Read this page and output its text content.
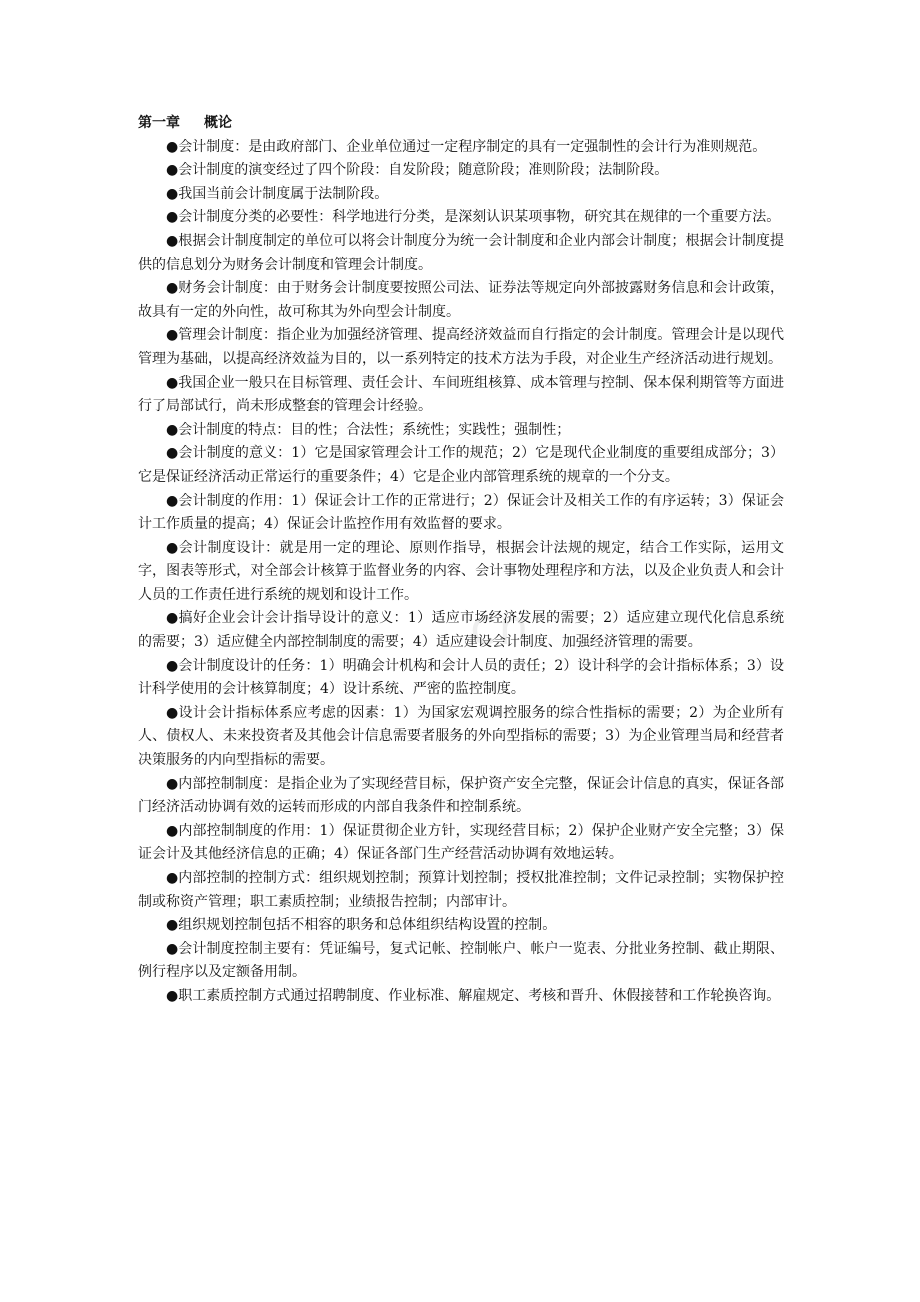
第一章 概论

●会计制度：是由政府部门、企业单位通过一定程序制定的具有一定强制性的会计行为准则规范。

●会计制度的演变经过了四个阶段：自发阶段；随意阶段；准则阶段；法制阶段。

●我国当前会计制度属于法制阶段。

●会计制度分类的必要性：科学地进行分类，是深刻认识某项事物，研究其在规律的一个重要方法。

●根据会计制度制定的单位可以将会计制度分为统一会计制度和企业内部会计制度；根据会计制度提供的信息划分为财务会计制度和管理会计制度。

●财务会计制度：由于财务会计制度要按照公司法、证券法等规定向外部披露财务信息和会计政策，故具有一定的外向性，故可称其为外向型会计制度。

●管理会计制度：指企业为加强经济管理、提高经济效益而自行指定的会计制度。管理会计是以现代管理为基础，以提高经济效益为目的，以一系列特定的技术方法为手段，对企业生产经济活动进行规划。

●我国企业一般只在目标管理、责任会计、车间班组核算、成本管理与控制、保本保利期管等方面进行了局部试行，尚未形成整套的管理会计经验。

●会计制度的特点：目的性；合法性；系统性；实践性；强制性；

●会计制度的意义：1）它是国家管理会计工作的规范；2）它是现代企业制度的重要组成部分；3）它是保证经济活动正常运行的重要条件；4）它是企业内部管理系统的规章的一个分支。

●会计制度的作用：1）保证会计工作的正常进行；2）保证会计及相关工作的有序运转；3）保证会计工作质量的提高；4）保证会计监控作用有效监督的要求。

●会计制度设计：就是用一定的理论、原则作指导，根据会计法规的规定，结合工作实际，运用文字，图表等形式，对全部会计核算于监督业务的内容、会计事物处理程序和方法，以及企业负责人和会计人员的工作责任进行系统的规划和设计工作。

●搞好企业会计会计指导设计的意义：1）适应市场经济发展的需要；2）适应建立现代化信息系统的需要；3）适应健全内部控制制度的需要；4）适应建设会计制度、加强经济管理的需要。

●会计制度设计的任务：1）明确会计机构和会计人员的责任；2）设计科学的会计指标体系；3）设计科学使用的会计核算制度；4）设计系统、严密的监控制度。

●设计会计指标体系应考虑的因素：1）为国家宏观调控服务的综合性指标的需要；2）为企业所有人、债权人、未来投资者及其他会计信息需要者服务的外向型指标的需要；3）为企业管理当局和经营者决策服务的内向型指标的需要。

●内部控制制度：是指企业为了实现经营目标，保护资产安全完整，保证会计信息的真实，保证各部门经济活动协调有效的运转而形成的内部自我条件和控制系统。

●内部控制制度的作用：1）保证贯彻企业方针，实现经营目标；2）保护企业财产安全完整；3）保证会计及其他经济信息的正确；4）保证各部门生产经营活动协调有效地运转。

●内部控制的控制方式：组织规划控制；预算计划控制；授权批准控制；文件记录控制；实物保护控制或称资产管理；职工素质控制；业绩报告控制；内部审计。

●组织规划控制包括不相容的职务和总体组织结构设置的控制。

●会计制度控制主要有：凭证编号，复式记帐、控制帐户、帐户一览表、分批业务控制、截止期限、例行程序以及定额备用制。

●职工素质控制方式通过招聘制度、作业标准、解雇规定、考核和晋升、休假接替和工作轮换咨询。

cn
